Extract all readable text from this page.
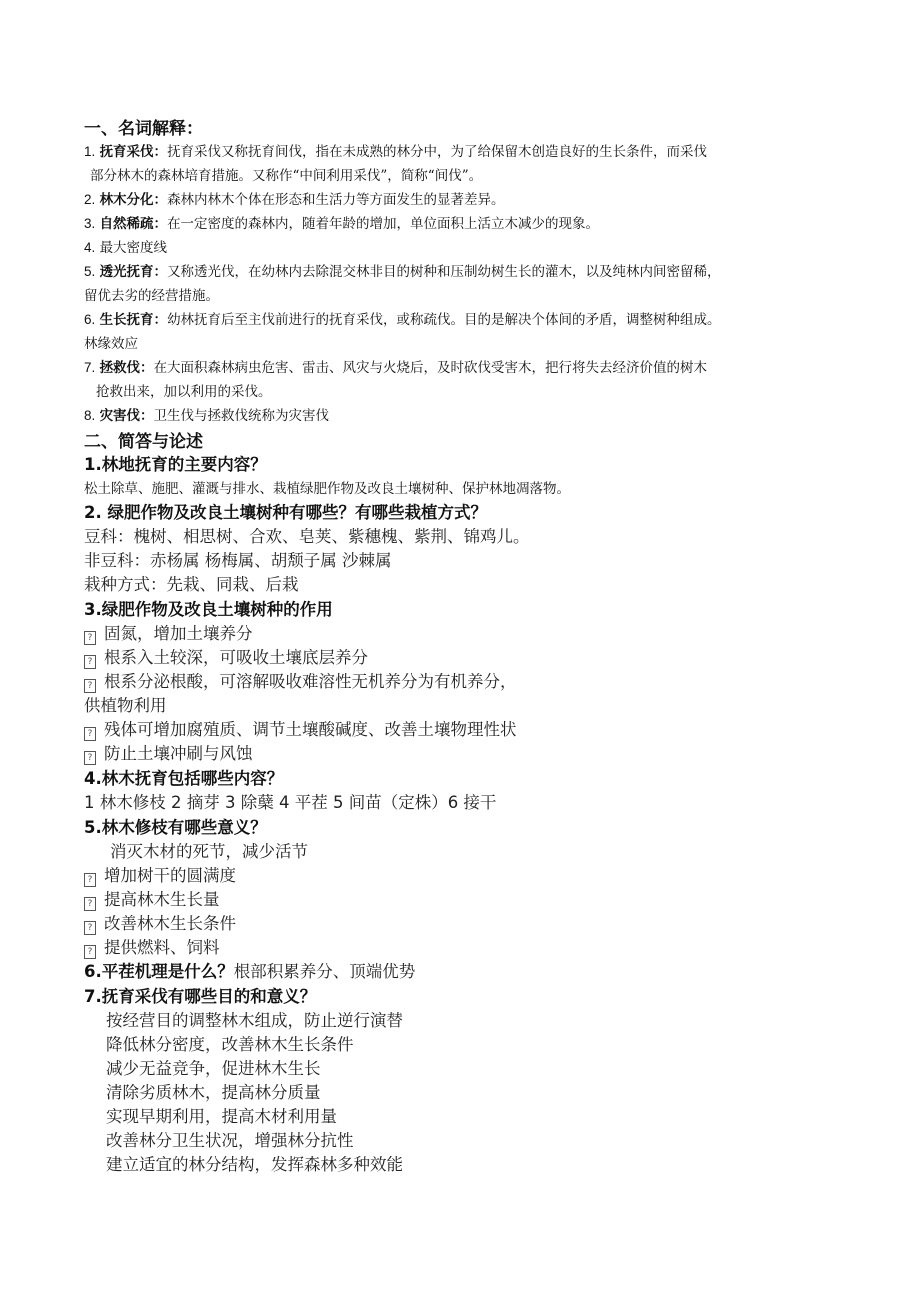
一、名词解释：
1. 抚育采伐：抚育采伐又称抚育间伐，指在未成熟的林分中，为了给保留木创造良好的生长条件，而采伐
部分林木的森林培育措施。又称作“中间利用采伐”，简称“间伐”。
2. 林木分化：森林内林木个体在形态和生活力等方面发生的显著差异。
3. 自然稀疏：在一定密度的森林内，随着年龄的增加，单位面积上活立木减少的现象。
4. 最大密度线
5. 透光抚育：又称透光伐，在幼林内去除混交林非目的树种和压制幼树生长的灌木，以及纯林内间密留稀，
留优去劣的经营措施。
6. 生长抚育：幼林抚育后至主伐前进行的抚育采伐，或称疏伐。目的是解决个体间的矛盾，调整树种组成。
林缘效应
7. 拯救伐：在大面积森林病虫危害、雷击、风灾与火烧后，及时砍伐受害木，把行将失去经济价值的树木
抢救出来，加以利用的采伐。
8. 灾害伐：卫生伐与拯救伐统称为灾害伐
二、简答与论述
1.林地抚育的主要内容？
松土除草、施肥、灌溉与排水、栽植绿肥作物及改良土壤树种、保护林地凋落物。
2. 绿肥作物及改良土壤树种有哪些？有哪些栽植方式？
豆科：槐树、相思树、合欢、皂荚、紫穗槐、紫荆、锦鸡儿。
非豆科：赤杨属 杨梅属、胡颓子属 沙棘属
栽种方式：先栽、同栽、后栽
3.绿肥作物及改良土壤树种的作用
? 固氮，增加土壤养分
? 根系入土较深，可吸收土壤底层养分
? 根系分泌根酸，可溶解吸收难溶性无机养分为有机养分，
供植物利用
? 残体可增加腐殖质、调节土壤酸碱度、改善土壤物理性状
? 防止土壤冲刷与风蚀
4.林木抚育包括哪些内容？
1 林木修枝 2 摘芽 3 除蘖 4 平茬 5 间苗（定株）6 接干
5.林木修枝有哪些意义？
消灭木材的死节，减少活节
? 增加树干的圆满度
? 提高林木生长量
? 改善林木生长条件
? 提供燃料、饲料
6.平茬机理是什么？根部积累养分、顶端优势
7.抚育采伐有哪些目的和意义？
按经营目的调整林木组成，防止逆行演替
降低林分密度，改善林木生长条件
减少无益竞争，促进林木生长
清除劣质林木，提高林分质量
实现早期利用，提高木材利用量
改善林分卫生状况，增强林分抗性
建立适宜的林分结构，发挥森林多种效能
